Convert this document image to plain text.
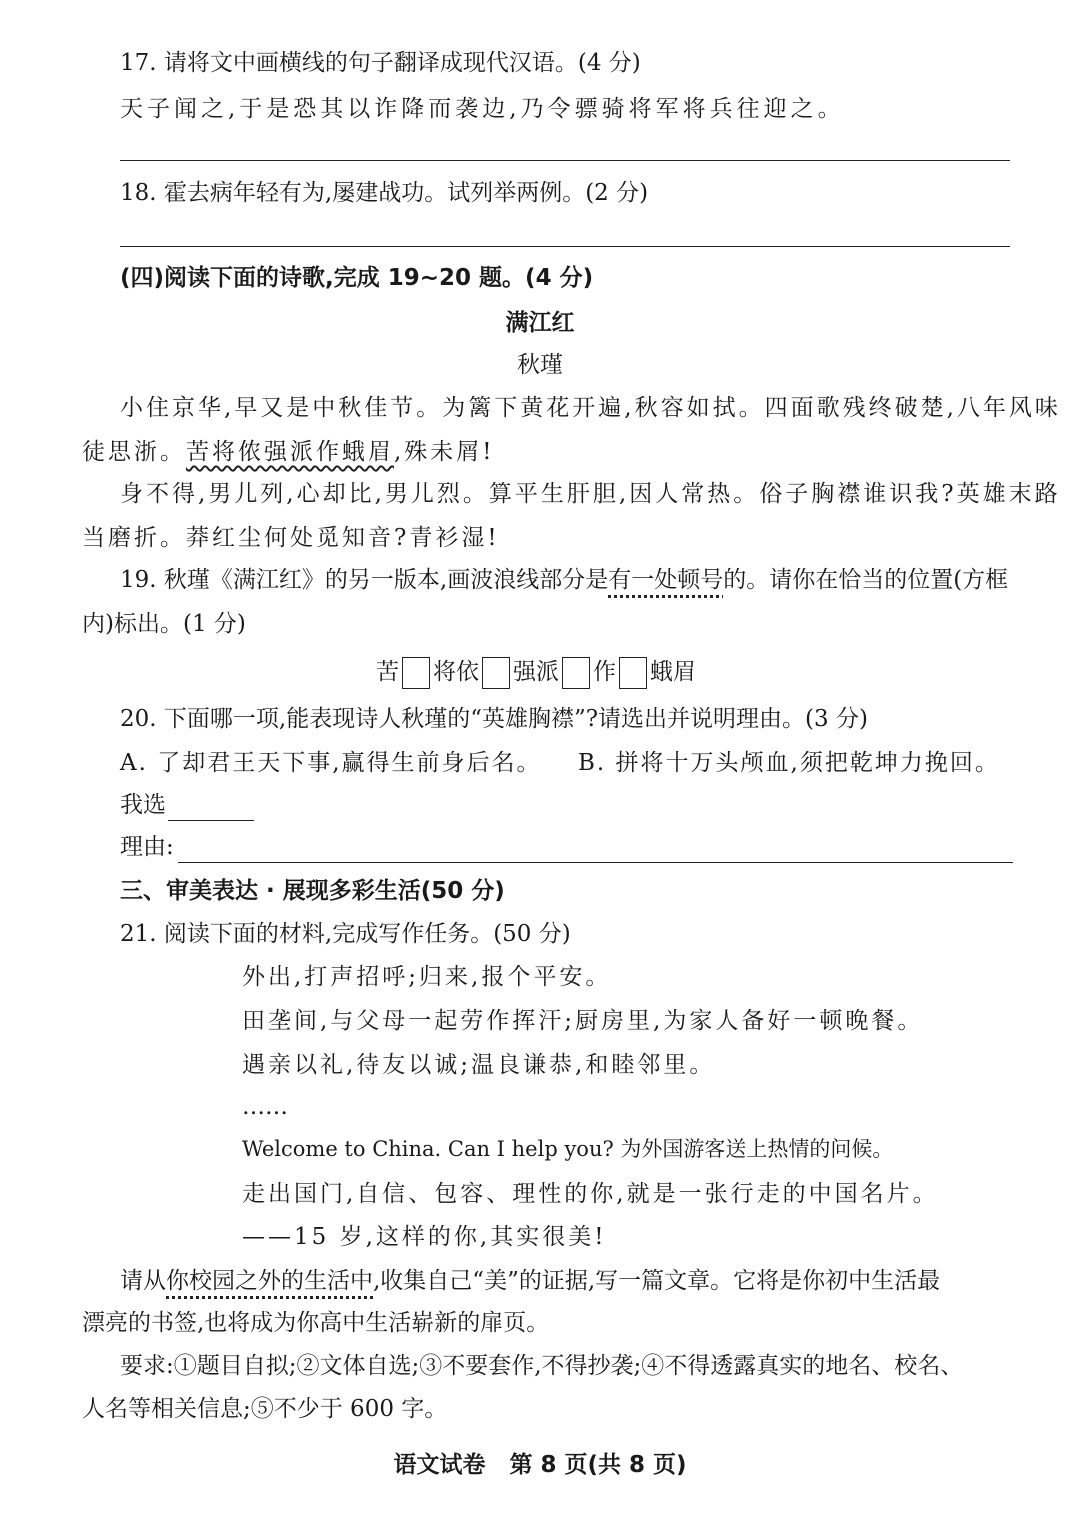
17. 请将文中画横线的句子翻译成现代汉语。(4 分)
天子闻之,于是恐其以诈降而袭边,乃令骠骑将军将兵往迎之。
18. 霍去病年轻有为,屡建战功。试列举两例。(2 分)
(四)阅读下面的诗歌,完成 19~20 题。(4 分)
满江红
秋瑾
小住京华,早又是中秋佳节。为篱下黄花开遍,秋容如拭。四面歌残终破楚,八年风味
徒思浙。苦将侬强派作蛾眉,殊未屑!
身不得,男儿列,心却比,男儿烈。算平生肝胆,因人常热。俗子胸襟谁识我?英雄末路
当磨折。莽红尘何处觅知音?青衫湿!
19. 秋瑾《满江红》的另一版本,画波浪线部分是有一处顿号的。请你在恰当的位置(方框
内)标出。(1 分)
苦 将依 强派 作 蛾眉
20. 下面哪一项,能表现诗人秋瑾的“英雄胸襟”?请选出并说明理由。(3 分)
A. 了却君王天下事,赢得生前身后名。 B. 拼将十万头颅血,须把乾坤力挽回。
我选
理由:
三、审美表达 · 展现多彩生活(50 分)
21. 阅读下面的材料,完成写作任务。(50 分)
外出,打声招呼;归来,报个平安。
田垄间,与父母一起劳作挥汗;厨房里,为家人备好一顿晚餐。
遇亲以礼,待友以诚;温良谦恭,和睦邻里。
……
Welcome to China. Can I help you? 为外国游客送上热情的问候。
走出国门,自信、包容、理性的你,就是一张行走的中国名片。
——15 岁,这样的你,其实很美!
请从你校园之外的生活中,收集自己“美”的证据,写一篇文章。它将是你初中生活最
漂亮的书签,也将成为你高中生活崭新的扉页。
要求:①题目自拟;②文体自选;③不要套作,不得抄袭;④不得透露真实的地名、校名、
人名等相关信息;⑤不少于 600 字。
语文试卷   第 8 页(共 8 页)
